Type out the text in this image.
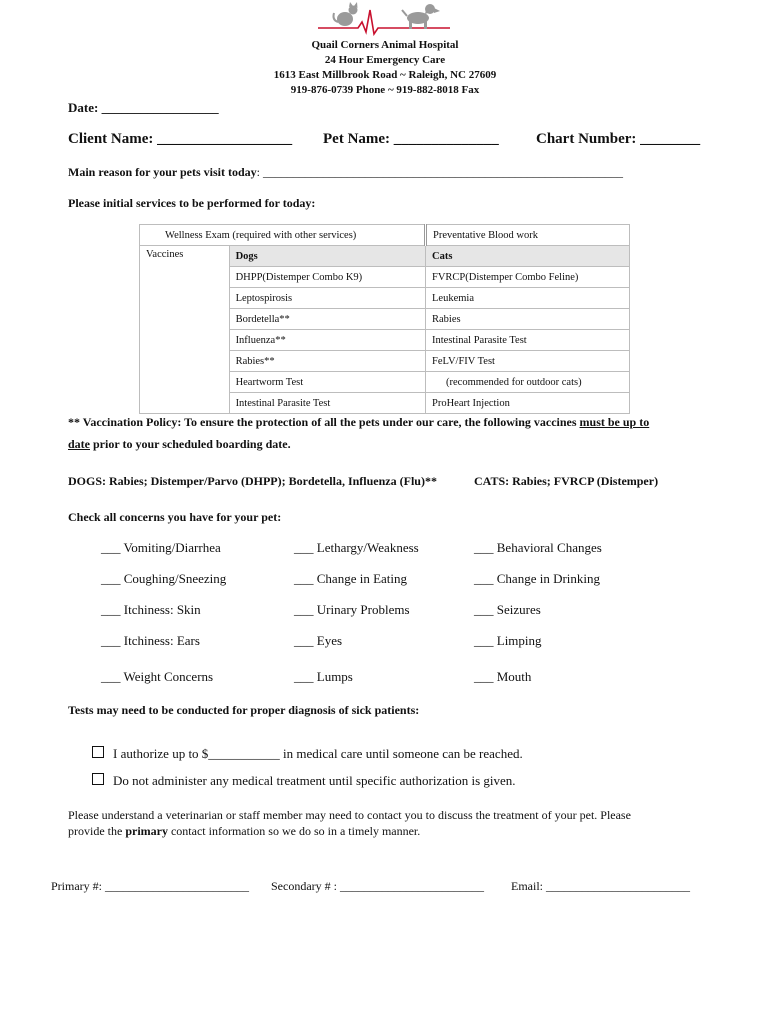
Quail Corners Animal Hospital
24 Hour Emergency Care
1613 East Millbrook Road ~ Raleigh, NC 27609
919-876-0739 Phone ~ 919-882-8018 Fax
Date: __________________
Client Name: __________________ Pet Name: ______________ Chart Number: ________
Main reason for your pets visit today: ____________________________________________________________
Please initial services to be performed for today:
Wellness Exam (required with other services)		Preventative Blood work
Vaccines	Dogs	Cats
	DHPP(Distemper Combo K9)	FVRCP(Distemper Combo Feline)
	Leptospirosis	Leukemia
	Bordetella**	Rabies
	Influenza**	Intestinal Parasite Test
	Rabies**	FeLV/FIV Test
	Heartworm Test	(recommended for outdoor cats)
	Intestinal Parasite Test	ProHeart Injection
** Vaccination Policy: To ensure the protection of all the pets under our care, the following vaccines must be up to
date prior to your scheduled boarding date.
DOGS: Rabies; Distemper/Parvo (DHPP); Bordetella, Influenza (Flu)**	CATS: Rabies; FVRCP (Distemper)
Check all concerns you have for your pet:
___ Vomiting/Diarrhea
___ Coughing/Sneezing
___ Itchiness: Skin
___ Itchiness: Ears
___ Weight Concerns
___ Lethargy/Weakness
___ Change in Eating
___ Urinary Problems
___ Eyes
___ Lumps
___ Behavioral Changes
___ Change in Drinking
___ Seizures
___ Limping
___ Mouth
Tests may need to be conducted for proper diagnosis of sick patients:
I authorize up to $___________ in medical care until someone can be reached.
Do not administer any medical treatment until specific authorization is given.
Please understand a veterinarian or staff member may need to contact you to discuss the treatment of your pet. Please
provide the primary contact information so we do so in a timely manner.
Primary #: ________________________ Secondary # : ________________________ Email: ________________________
